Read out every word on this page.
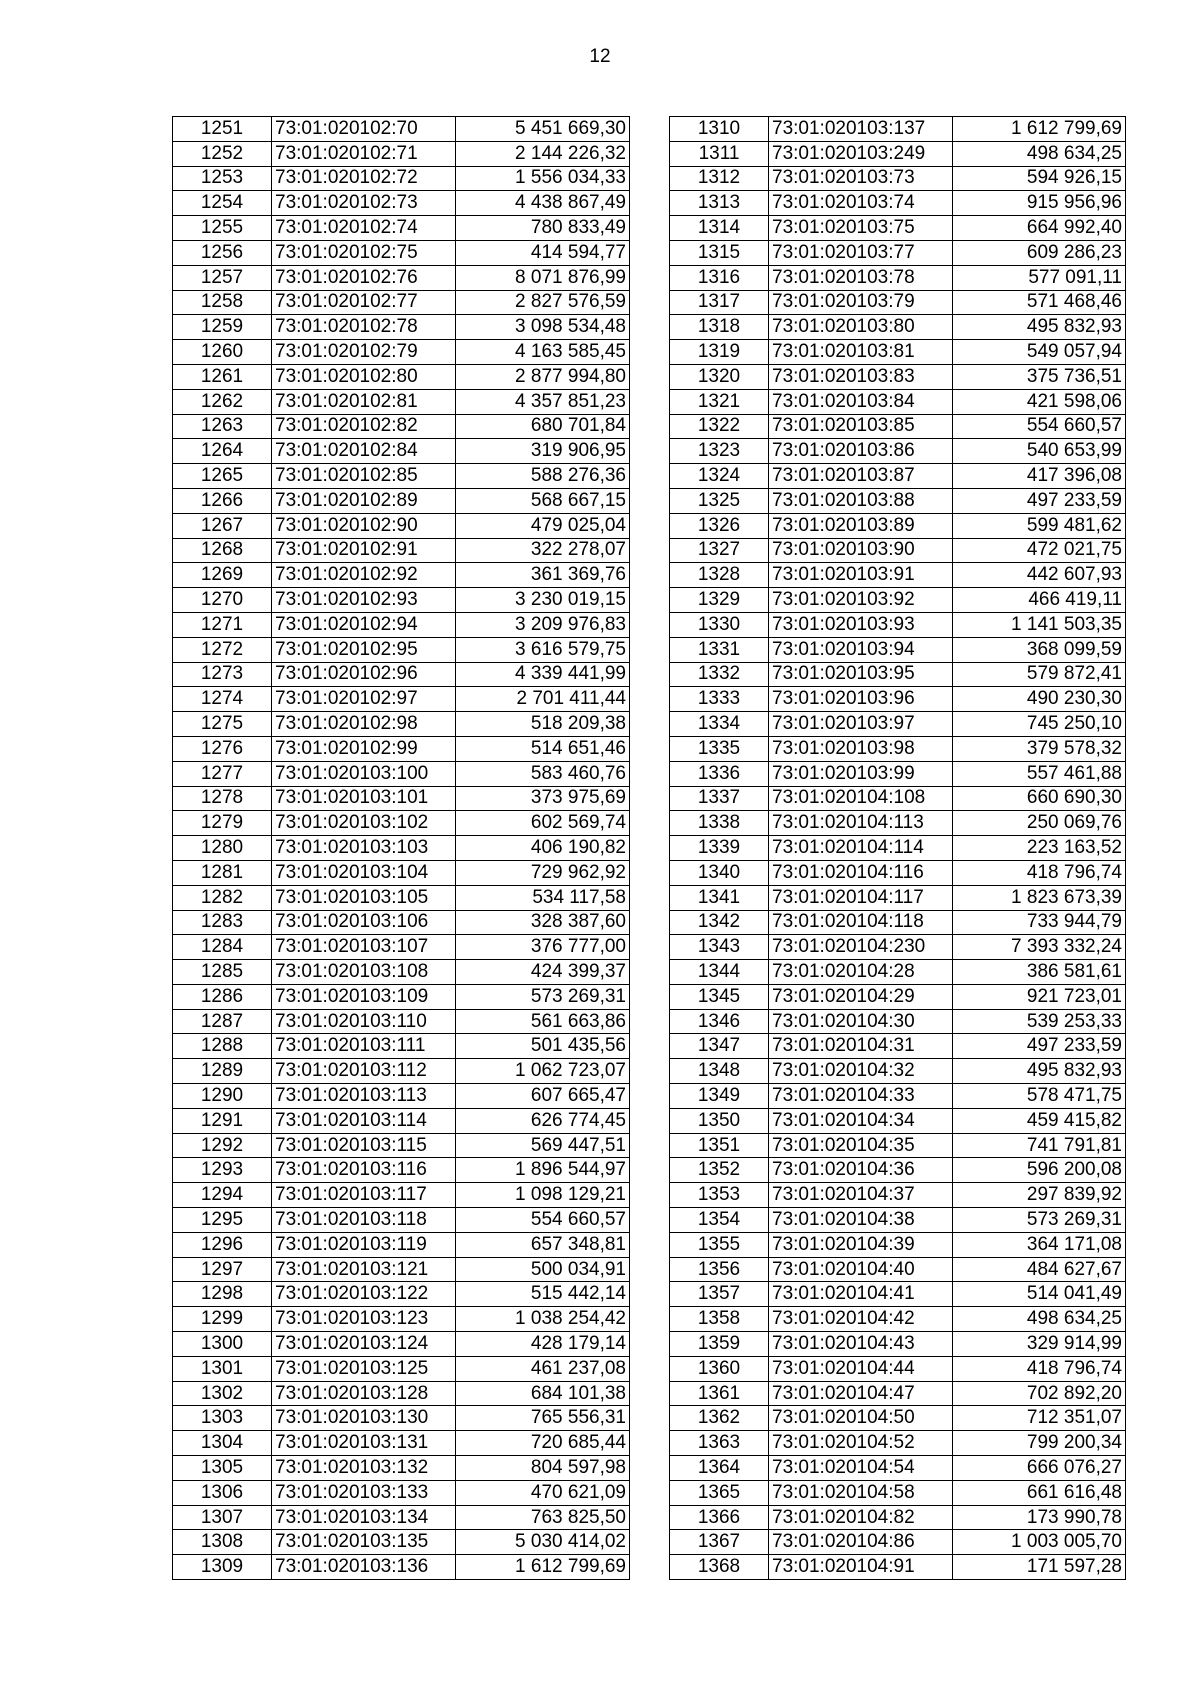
12
1251	73:01:020102:70	5 451 669,30
1252	73:01:020102:71	2 144 226,32
1253	73:01:020102:72	1 556 034,33
1254	73:01:020102:73	4 438 867,49
1255	73:01:020102:74	780 833,49
1256	73:01:020102:75	414 594,77
1257	73:01:020102:76	8 071 876,99
1258	73:01:020102:77	2 827 576,59
1259	73:01:020102:78	3 098 534,48
1260	73:01:020102:79	4 163 585,45
1261	73:01:020102:80	2 877 994,80
1262	73:01:020102:81	4 357 851,23
1263	73:01:020102:82	680 701,84
1264	73:01:020102:84	319 906,95
1265	73:01:020102:85	588 276,36
1266	73:01:020102:89	568 667,15
1267	73:01:020102:90	479 025,04
1268	73:01:020102:91	322 278,07
1269	73:01:020102:92	361 369,76
1270	73:01:020102:93	3 230 019,15
1271	73:01:020102:94	3 209 976,83
1272	73:01:020102:95	3 616 579,75
1273	73:01:020102:96	4 339 441,99
1274	73:01:020102:97	2 701 411,44
1275	73:01:020102:98	518 209,38
1276	73:01:020102:99	514 651,46
1277	73:01:020103:100	583 460,76
1278	73:01:020103:101	373 975,69
1279	73:01:020103:102	602 569,74
1280	73:01:020103:103	406 190,82
1281	73:01:020103:104	729 962,92
1282	73:01:020103:105	534 117,58
1283	73:01:020103:106	328 387,60
1284	73:01:020103:107	376 777,00
1285	73:01:020103:108	424 399,37
1286	73:01:020103:109	573 269,31
1287	73:01:020103:110	561 663,86
1288	73:01:020103:111	501 435,56
1289	73:01:020103:112	1 062 723,07
1290	73:01:020103:113	607 665,47
1291	73:01:020103:114	626 774,45
1292	73:01:020103:115	569 447,51
1293	73:01:020103:116	1 896 544,97
1294	73:01:020103:117	1 098 129,21
1295	73:01:020103:118	554 660,57
1296	73:01:020103:119	657 348,81
1297	73:01:020103:121	500 034,91
1298	73:01:020103:122	515 442,14
1299	73:01:020103:123	1 038 254,42
1300	73:01:020103:124	428 179,14
1301	73:01:020103:125	461 237,08
1302	73:01:020103:128	684 101,38
1303	73:01:020103:130	765 556,31
1304	73:01:020103:131	720 685,44
1305	73:01:020103:132	804 597,98
1306	73:01:020103:133	470 621,09
1307	73:01:020103:134	763 825,50
1308	73:01:020103:135	5 030 414,02
1309	73:01:020103:136	1 612 799,69
1310	73:01:020103:137	1 612 799,69
1311	73:01:020103:249	498 634,25
1312	73:01:020103:73	594 926,15
1313	73:01:020103:74	915 956,96
1314	73:01:020103:75	664 992,40
1315	73:01:020103:77	609 286,23
1316	73:01:020103:78	577 091,11
1317	73:01:020103:79	571 468,46
1318	73:01:020103:80	495 832,93
1319	73:01:020103:81	549 057,94
1320	73:01:020103:83	375 736,51
1321	73:01:020103:84	421 598,06
1322	73:01:020103:85	554 660,57
1323	73:01:020103:86	540 653,99
1324	73:01:020103:87	417 396,08
1325	73:01:020103:88	497 233,59
1326	73:01:020103:89	599 481,62
1327	73:01:020103:90	472 021,75
1328	73:01:020103:91	442 607,93
1329	73:01:020103:92	466 419,11
1330	73:01:020103:93	1 141 503,35
1331	73:01:020103:94	368 099,59
1332	73:01:020103:95	579 872,41
1333	73:01:020103:96	490 230,30
1334	73:01:020103:97	745 250,10
1335	73:01:020103:98	379 578,32
1336	73:01:020103:99	557 461,88
1337	73:01:020104:108	660 690,30
1338	73:01:020104:113	250 069,76
1339	73:01:020104:114	223 163,52
1340	73:01:020104:116	418 796,74
1341	73:01:020104:117	1 823 673,39
1342	73:01:020104:118	733 944,79
1343	73:01:020104:230	7 393 332,24
1344	73:01:020104:28	386 581,61
1345	73:01:020104:29	921 723,01
1346	73:01:020104:30	539 253,33
1347	73:01:020104:31	497 233,59
1348	73:01:020104:32	495 832,93
1349	73:01:020104:33	578 471,75
1350	73:01:020104:34	459 415,82
1351	73:01:020104:35	741 791,81
1352	73:01:020104:36	596 200,08
1353	73:01:020104:37	297 839,92
1354	73:01:020104:38	573 269,31
1355	73:01:020104:39	364 171,08
1356	73:01:020104:40	484 627,67
1357	73:01:020104:41	514 041,49
1358	73:01:020104:42	498 634,25
1359	73:01:020104:43	329 914,99
1360	73:01:020104:44	418 796,74
1361	73:01:020104:47	702 892,20
1362	73:01:020104:50	712 351,07
1363	73:01:020104:52	799 200,34
1364	73:01:020104:54	666 076,27
1365	73:01:020104:58	661 616,48
1366	73:01:020104:82	173 990,78
1367	73:01:020104:86	1 003 005,70
1368	73:01:020104:91	171 597,28
